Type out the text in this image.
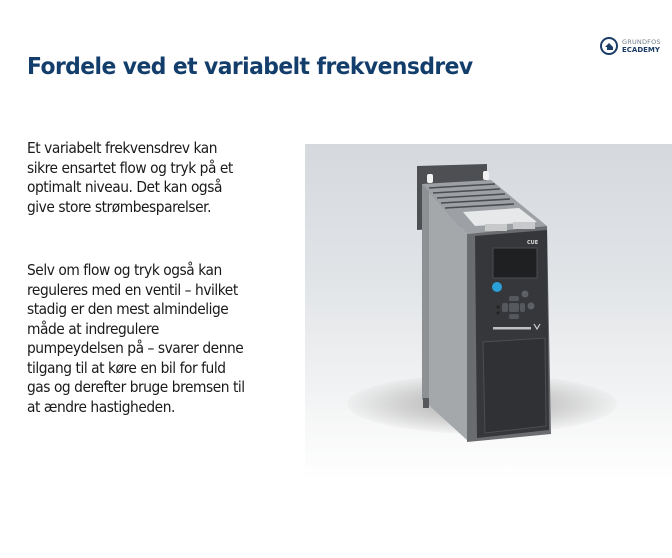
Fordele ved et variabelt frekvensdrev
GRUNDFOS
ECADEMY
Et variabelt frekvensdrev kan
sikre ensartet flow og tryk på et
optimalt niveau. Det kan også
give store strømbesparelser.
Selv om flow og tryk også kan
reguleres med en ventil – hvilket
stadig er den mest almindelige
måde at indregulere
pumpeydelsen på – svarer denne
tilgang til at køre en bil for fuld
gas og derefter bruge bremsen til
at ændre hastigheden.
CUE
